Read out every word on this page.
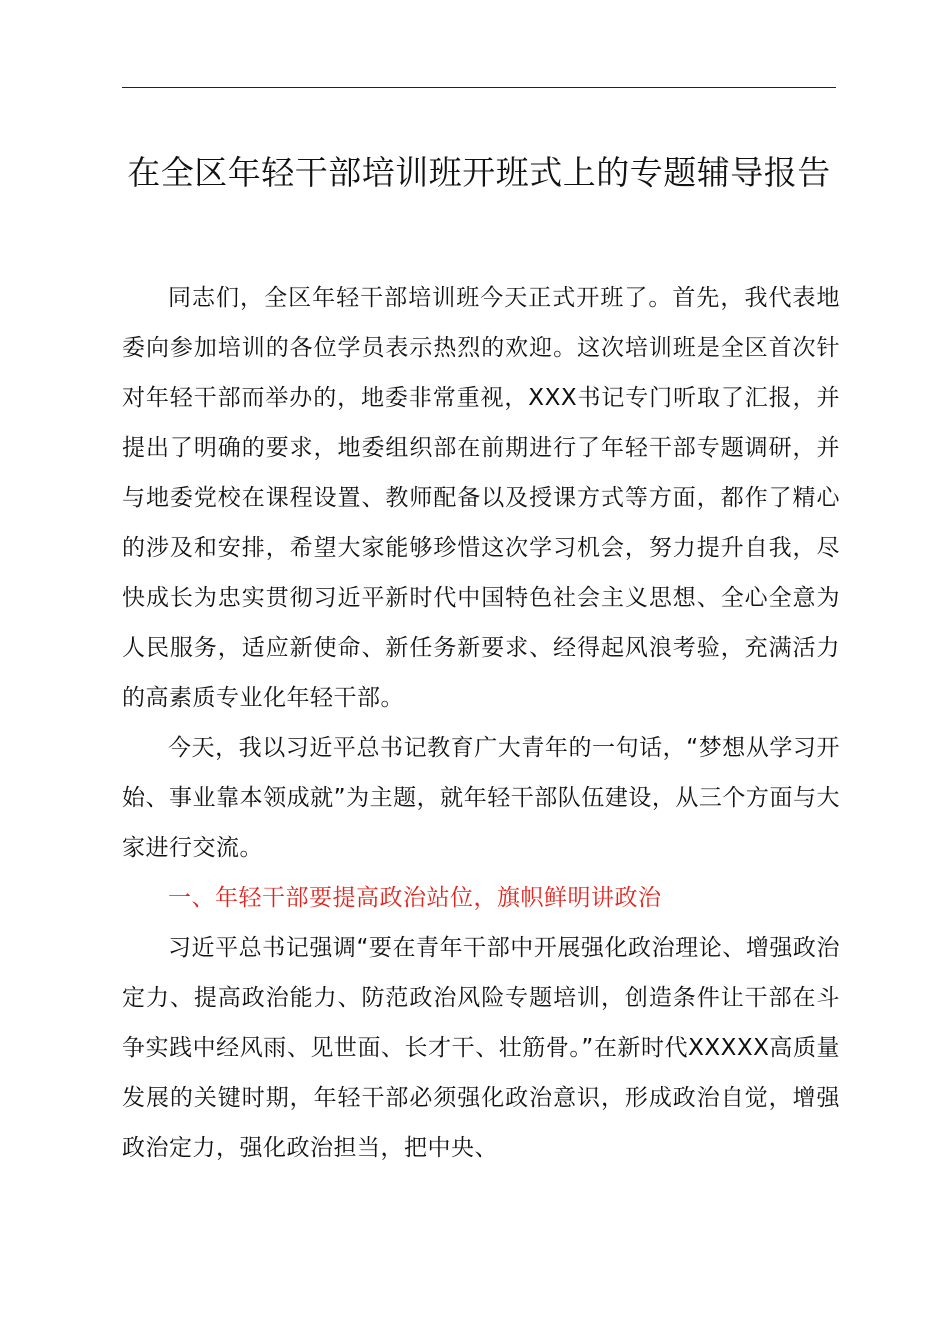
在全区年轻干部培训班开班式上的专题辅导报告

同志们，全区年轻干部培训班今天正式开班了。首先，我代表地委向参加培训的各位学员表示热烈的欢迎。这次培训班是全区首次针对年轻干部而举办的，地委非常重视，XXX书记专门听取了汇报，并提出了明确的要求，地委组织部在前期进行了年轻干部专题调研，并与地委党校在课程设置、教师配备以及授课方式等方面，都作了精心的涉及和安排，希望大家能够珍惜这次学习机会，努力提升自我，尽快成长为忠实贯彻习近平新时代中国特色社会主义思想、全心全意为人民服务，适应新使命、新任务新要求、经得起风浪考验，充满活力的高素质专业化年轻干部。

今天，我以习近平总书记教育广大青年的一句话，“梦想从学习开始、事业靠本领成就”为主题，就年轻干部队伍建设，从三个方面与大家进行交流。

一、年轻干部要提高政治站位，旗帜鲜明讲政治

习近平总书记强调“要在青年干部中开展强化政治理论、增强政治定力、提高政治能力、防范政治风险专题培训，创造条件让干部在斗争实践中经风雨、见世面、长才干、壮筋骨。”在新时代XXXXX高质量发展的关键时期，年轻干部必须强化政治意识，形成政治自觉，增强政治定力，强化政治担当，把中央、
